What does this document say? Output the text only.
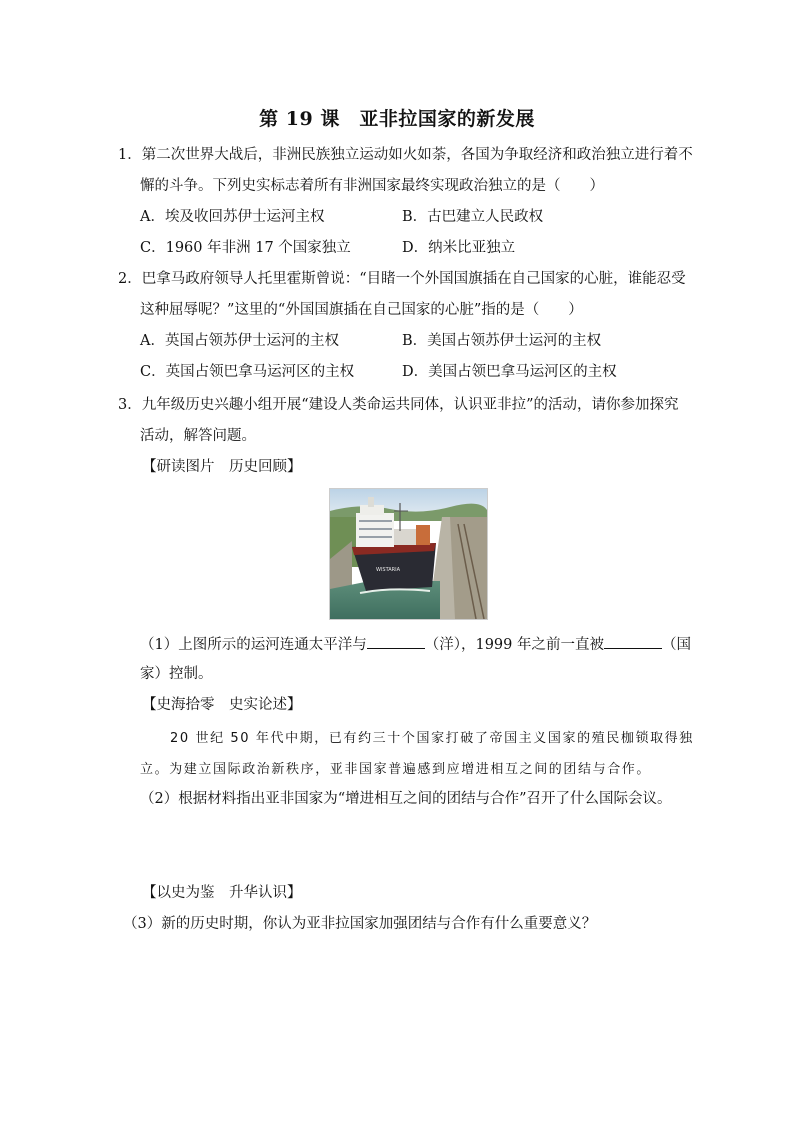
第 19 课　亚非拉国家的新发展
1．第二次世界大战后，非洲民族独立运动如火如荼，各国为争取经济和政治独立进行着不
懈的斗争。下列史实标志着所有非洲国家最终实现政治独立的是（　　）
A．埃及收回苏伊士运河主权	B．古巴建立人民政权
C．1960 年非洲 17 个国家独立	D．纳米比亚独立
2．巴拿马政府领导人托里霍斯曾说：“目睹一个外国国旗插在自己国家的心脏，谁能忍受
这种屈辱呢？”这里的“外国国旗插在自己国家的心脏”指的是（　　）
A．英国占领苏伊士运河的主权	B．美国占领苏伊士运河的主权
C．英国占领巴拿马运河区的主权	D．美国占领巴拿马运河区的主权
3．九年级历史兴趣小组开展“建设人类命运共同体，认识亚非拉”的活动，请你参加探究
活动，解答问题。
【研读图片　历史回顾】
WISTARIA
（1）上图所示的运河连通太平洋与	（洋），1999 年之前一直被	（国
家）控制。
【史海拾零　史实论述】
20 世纪 50 年代中期，已有约三十个国家打破了帝国主义国家的殖民枷锁取得独
立。为建立国际政治新秩序，亚非国家普遍感到应增进相互之间的团结与合作。
（2）根据材料指出亚非国家为“增进相互之间的团结与合作”召开了什么国际会议。
【以史为鉴　升华认识】
（3）新的历史时期，你认为亚非拉国家加强团结与合作有什么重要意义？
